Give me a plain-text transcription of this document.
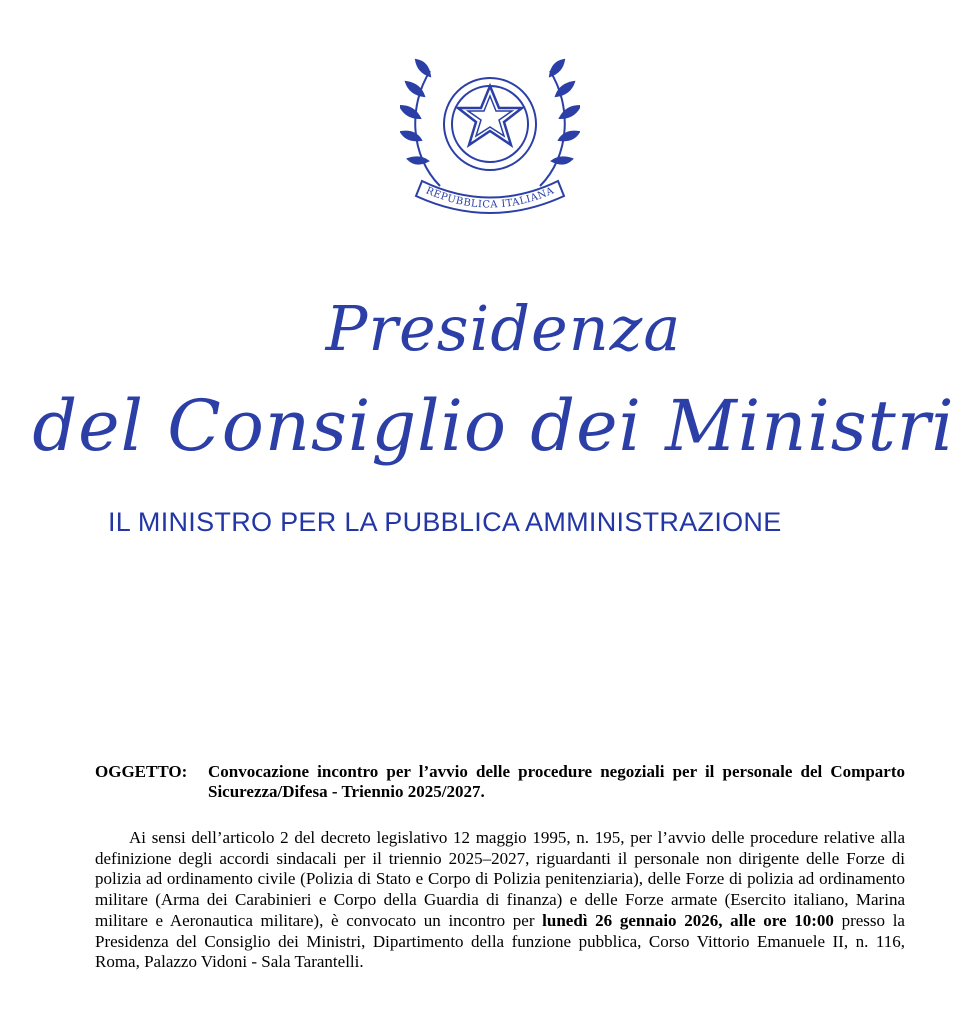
REPUBBLICA ITALIANA
Presidenza
del Consiglio dei Ministri
IL MINISTRO PER LA PUBBLICA AMMINISTRAZIONE
OGGETTO: Convocazione incontro per l’avvio delle procedure negoziali per il personale del Comparto Sicurezza/Difesa - Triennio 2025/2027.
Ai sensi dell’articolo 2 del decreto legislativo 12 maggio 1995, n. 195, per l’avvio delle procedure relative alla definizione degli accordi sindacali per il triennio 2025–2027, riguardanti il personale non dirigente delle Forze di polizia ad ordinamento civile (Polizia di Stato e Corpo di Polizia penitenziaria), delle Forze di polizia ad ordinamento militare (Arma dei Carabinieri e Corpo della Guardia di finanza) e delle Forze armate (Esercito italiano, Marina militare e Aeronautica militare), è convocato un incontro per lunedì 26 gennaio 2026, alle ore 10:00 presso la Presidenza del Consiglio dei Ministri, Dipartimento della funzione pubblica, Corso Vittorio Emanuele II, n. 116, Roma, Palazzo Vidoni - Sala Tarantelli.
